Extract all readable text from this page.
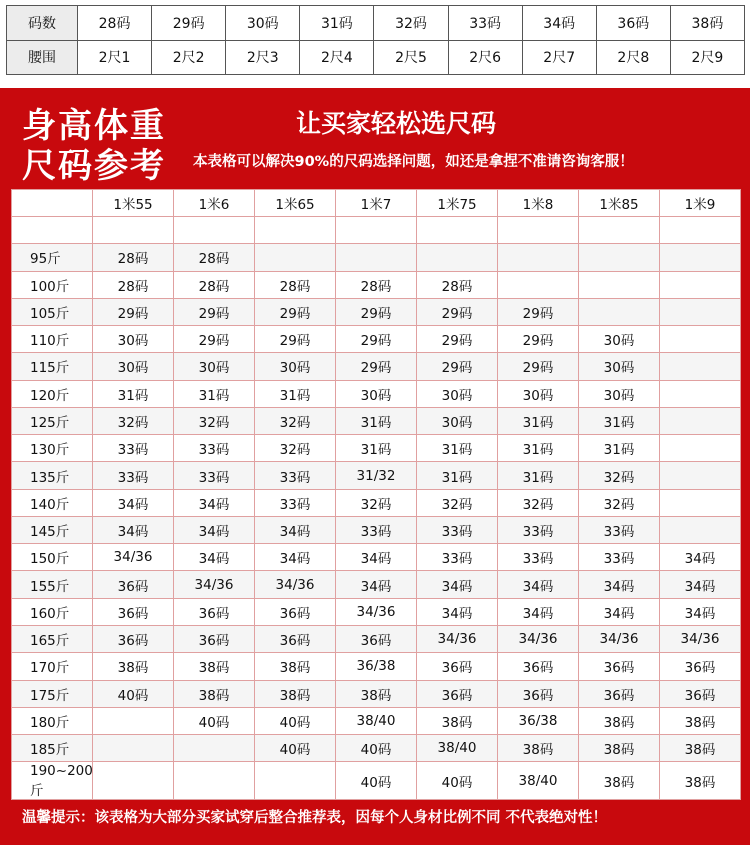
码数	28码	29码	30码	31码	32码	33码	34码	36码	38码
腰围	2尺1	2尺2	2尺3	2尺4	2尺5	2尺6	2尺7	2尺8	2尺9
身高体重
尺码参考
让买家轻松选尺码
本表格可以解决90%的尺码选择问题，如还是拿捏不准请咨询客服！
	1米55	1米6	1米65	1米7	1米75	1米8	1米85	1米9

95斤	28码	28码						
100斤	28码	28码	28码	28码	28码			
105斤	29码	29码	29码	29码	29码	29码		
110斤	30码	29码	29码	29码	29码	29码	30码	
115斤	30码	30码	30码	29码	29码	29码	30码	
120斤	31码	31码	31码	30码	30码	30码	30码	
125斤	32码	32码	32码	31码	30码	31码	31码	
130斤	33码	33码	32码	31码	31码	31码	31码	
135斤	33码	33码	33码	31/32	31码	31码	32码	
140斤	34码	34码	33码	32码	32码	32码	32码	
145斤	34码	34码	34码	33码	33码	33码	33码	
150斤	34/36	34码	34码	34码	33码	33码	33码	34码
155斤	36码	34/36	34/36	34码	34码	34码	34码	34码
160斤	36码	36码	36码	34/36	34码	34码	34码	34码
165斤	36码	36码	36码	36码	34/36	34/36	34/36	34/36
170斤	38码	38码	38码	36/38	36码	36码	36码	36码
175斤	40码	38码	38码	38码	36码	36码	36码	36码
180斤		40码	40码	38/40	38码	36/38	38码	38码
185斤			40码	40码	38/40	38码	38码	38码
190~200斤				40码	40码	38/40	38码	38码
温馨提示：该表格为大部分买家试穿后整合推荐表，因每个人身材比例不同 不代表绝对性！
